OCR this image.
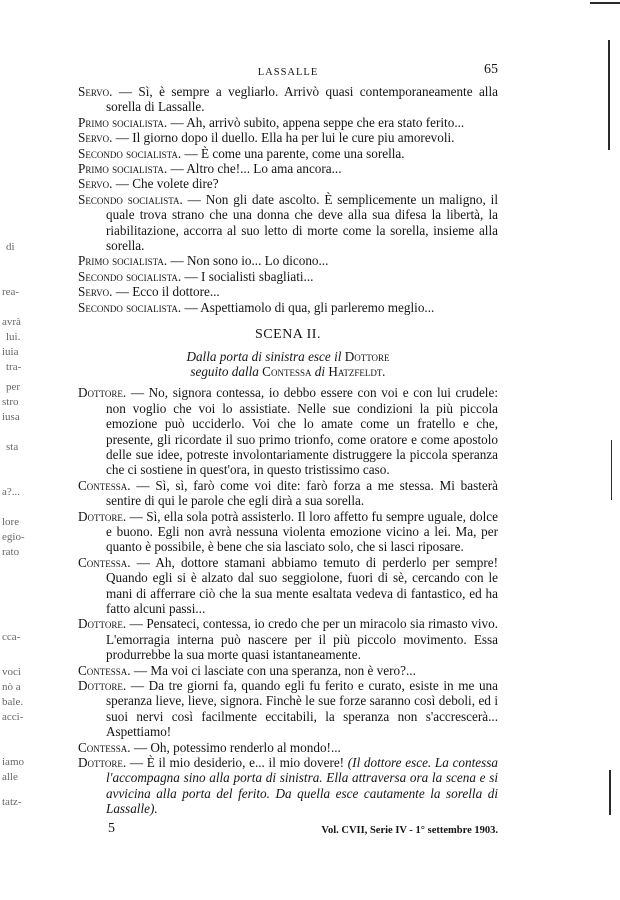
di
rea-
avrà
lui.
iuia
tra-
per
stro
iusa
sta
a?...
lore
egio-
rato
cca-
voci
nò a
bale.
acci-
iamo
alle
tatz-
LASSALLE	65

Servo. — Sì, è sempre a vegliarlo. Arrivò quasi contemporaneamente alla sorella di Lassalle.

Primo socialista. — Ah, arrivò subito, appena seppe che era stato ferito...

Servo. — Il giorno dopo il duello. Ella ha per lui le cure piu amorevoli.

Secondo socialista. — È come una parente, come una sorella.

Primo socialista. — Altro che!... Lo ama ancora...

Servo. — Che volete dire?

Secondo socialista. — Non gli date ascolto. È semplicemente un maligno, il quale trova strano che una donna che deve alla sua difesa la libertà, la riabilitazione, accorra al suo letto di morte come la sorella, insieme alla sorella.

Primo socialista. — Non sono io... Lo dicono...

Secondo socialista. — I socialisti sbagliati...

Servo. — Ecco il dottore...

Secondo socialista. — Aspettiamolo di qua, gli parleremo meglio...

SCENA II.
Dalla porta di sinistra esce il Dottore
seguito dalla Contessa di Hatzfeldt.

Dottore. — No, signora contessa, io debbo essere con voi e con lui crudele: non voglio che voi lo assistiate. Nelle sue condizioni la più piccola emozione può ucciderlo. Voi che lo amate come un fratello e che, presente, gli ricordate il suo primo trionfo, come oratore e come apostolo delle sue idee, potreste involontariamente distruggere la piccola speranza che ci sostiene in quest'ora, in questo tristissimo caso.

Contessa. — Sì, sì, farò come voi dite: farò forza a me stessa. Mi basterà sentire di qui le parole che egli dirà a sua sorella.

Dottore. — Sì, ella sola potrà assisterlo. Il loro affetto fu sempre uguale, dolce e buono. Egli non avrà nessuna violenta emozione vicino a lei. Ma, per quanto è possibile, è bene che sia lasciato solo, che si lasci riposare.

Contessa. — Ah, dottore stamani abbiamo temuto di perderlo per sempre! Quando egli si è alzato dal suo seggiolone, fuori di sè, cercando con le mani di afferrare ciò che la sua mente esaltata vedeva di fantastico, ed ha fatto alcuni passi...

Dottore. — Pensateci, contessa, io credo che per un miracolo sia rimasto vivo. L'emorragia interna può nascere per il più piccolo movimento. Essa produrrebbe la sua morte quasi istantaneamente.

Contessa. — Ma voi ci lasciate con una speranza, non è vero?...

Dottore. — Da tre giorni fa, quando egli fu ferito e curato, esiste in me una speranza lieve, lieve, signora. Finchè le sue forze saranno così deboli, ed i suoi nervi così facilmente eccitabili, la speranza non s'accrescerà... Aspettiamo!

Contessa. — Oh, potessimo renderlo al mondo!...

Dottore. — È il mio desiderio, e... il mio dovere! (Il dottore esce. La contessa l'accompagna sino alla porta di sinistra. Ella attraversa ora la scena e si avvicina alla porta del ferito. Da quella esce cautamente la sorella di Lassalle).

5	Vol. CVII, Serie IV - 1° settembre 1903.
